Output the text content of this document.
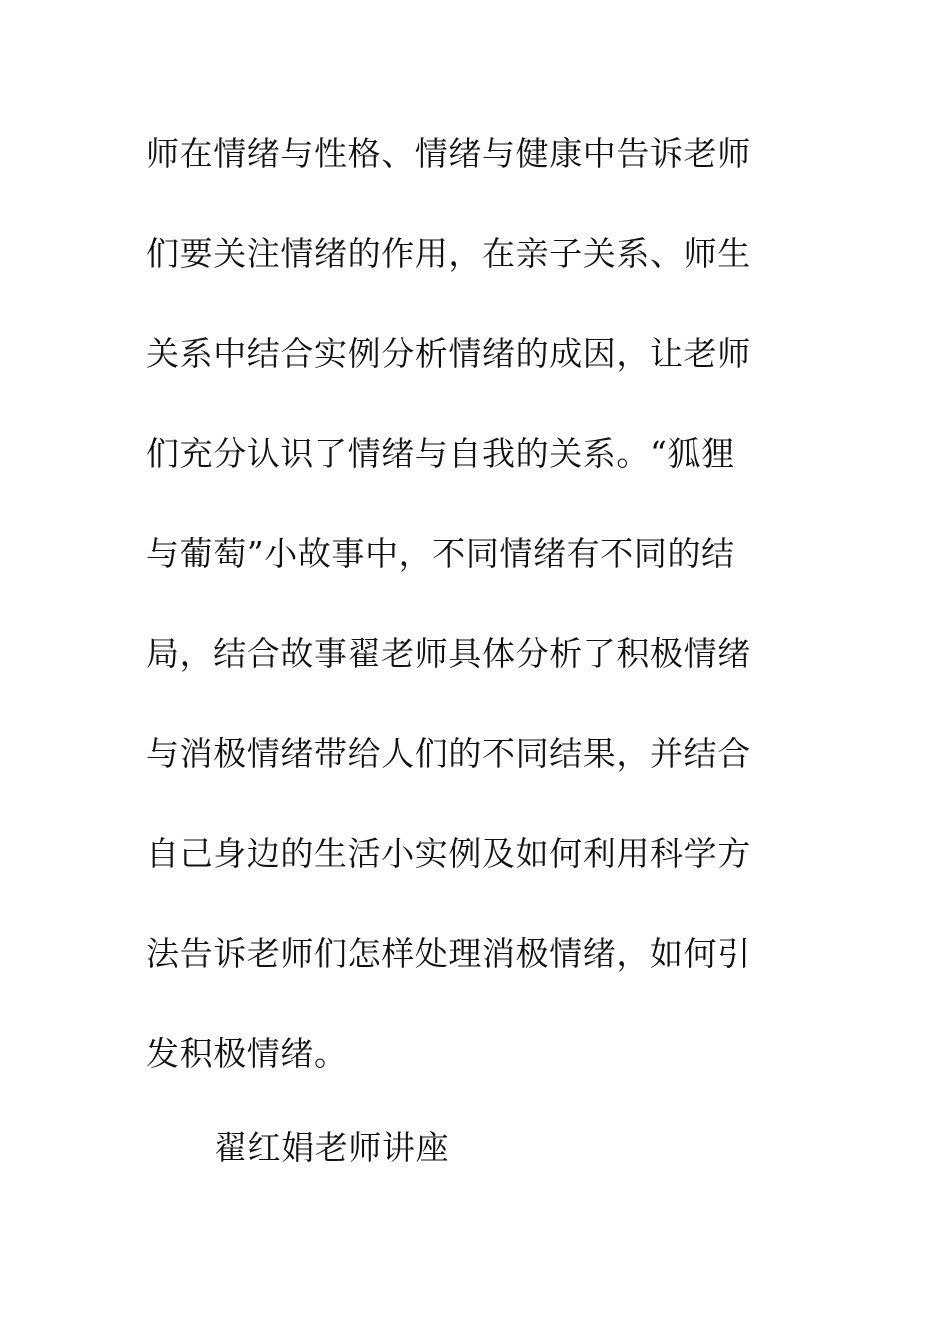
师在情绪与性格、情绪与健康中告诉老师
们要关注情绪的作用，在亲子关系、师生
关系中结合实例分析情绪的成因，让老师
们充分认识了情绪与自我的关系。“狐狸
与葡萄”小故事中，不同情绪有不同的结
局，结合故事翟老师具体分析了积极情绪
与消极情绪带给人们的不同结果，并结合
自己身边的生活小实例及如何利用科学方
法告诉老师们怎样处理消极情绪，如何引
发积极情绪。

翟红娟老师讲座
